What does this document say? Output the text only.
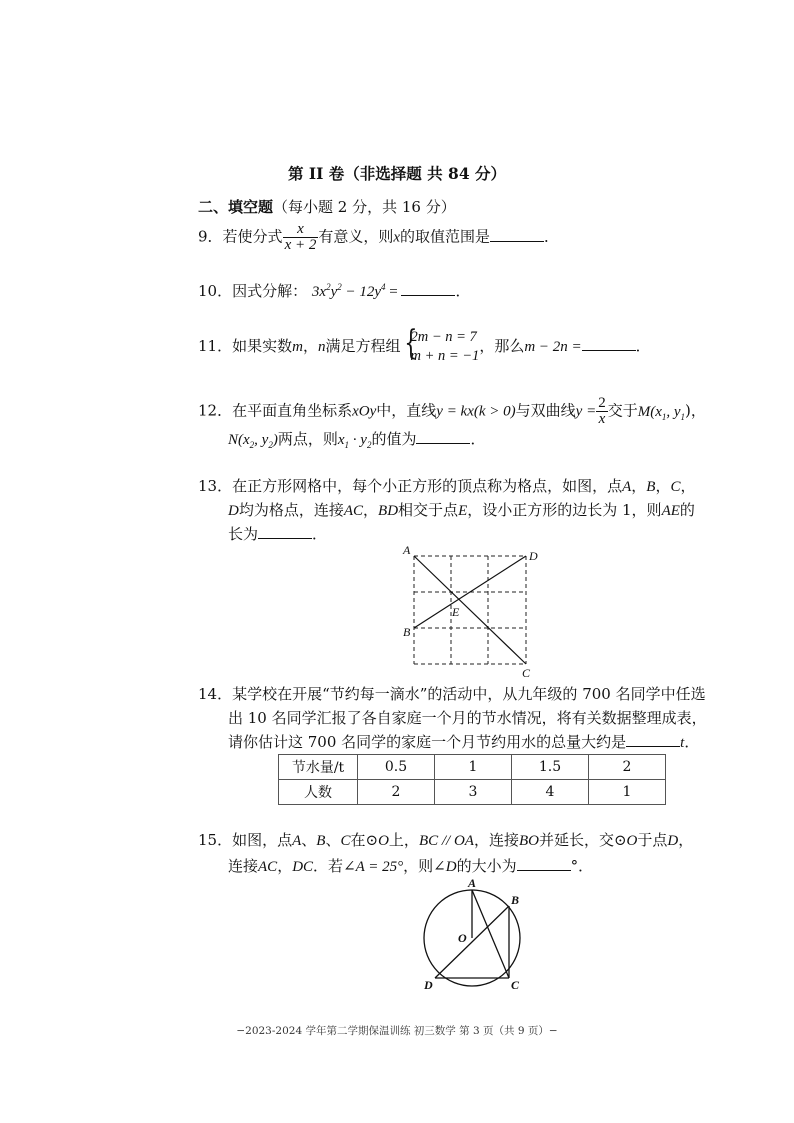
第 II 卷（非选择题 共 84 分）
二、填空题（每小题 2 分，共 16 分）
9．若使分式 $\frac{x}{x + 2}$ 有意义，则x的取值范围是	．
10．因式分解： $3x^2y^2 - 12y^4$ =	．
11．如果实数m，n满足方程组 {
2m − n = 7
m + n = −1
，那么m − 2n =	．
12．在平面直角坐标系xOy中，直线y = kx(k > 0)与双曲线$y = \frac{2}{x}$ 交于$M(x_1$, $y_1$)，
$N(x_2$, $y_2$)两点，则$x_1 \cdot y_2$的值为	．
13．在正方形网格中，每个小正方形的顶点称为格点，如图，点A，B，C，
D均为格点，连接AC，BD相交于点E，设小正方形的边长为 1，则AE的
长为	．
A	D
B
E
C
14．某学校在开展“节约每一滴水”的活动中，从九年级的 700 名同学中任选
出 10 名同学汇报了各自家庭一个月的节水情况，将有关数据整理成表，
请你估计这 700 名同学的家庭一个月节约用水的总量大约是	t．
节水量/t	0.5	1	1.5	2
人数	2	3	4	1
15．如图，点A、B、C在⊙O上，BC // OA，连接BO并延长，交⊙O于点D，
连接AC，DC．若∠A = 25°，则∠D的大小为	°．
A
B
O
D	C
−2023-2024 学年第二学期保温训练 初三数学 第 3 页（共 9 页）−
